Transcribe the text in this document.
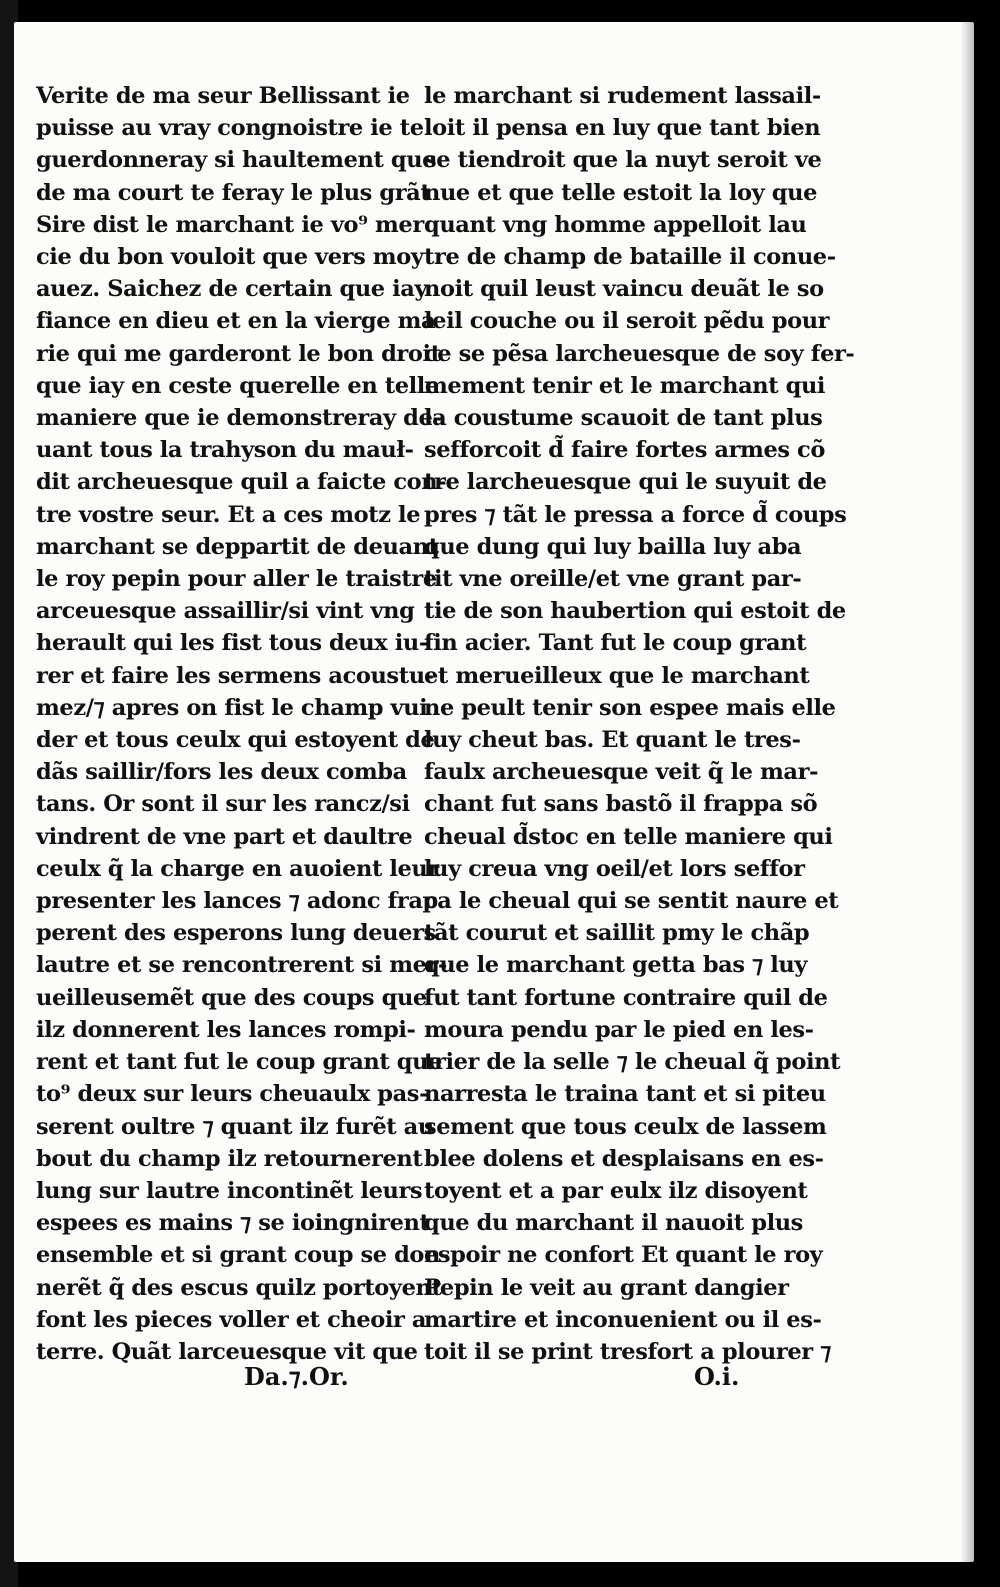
Verite de ma seur Bellissant ie
puisse au vray congnoistre ie te
guerdonneray si haultement que
de ma court te feray le plus grãt
Sire dist le marchant ie vo⁹ mer
cie du bon vouloit que vers moy
auez. Saichez de certain que iay
fiance en dieu et en la vierge ma
rie qui me garderont le bon droit
que iay en ceste querelle en telle
maniere que ie demonstreray de-
uant tous la trahyson du mauł-
dit archeuesque quil a faicte con-
tre vostre seur. Et a ces motz le
marchant se deppartit de deuant
le roy pepin pour aller le traistre
arceuesque assaillir/si vint vng
herault qui les fist tous deux iu-
rer et faire les sermens acoustu-
mez/⁊ apres on fist le champ vui
der et tous ceulx qui estoyent de
dãs saillir/fors les deux comba
tans. Or sont il sur les rancz/si
vindrent de vne part et daultre
ceulx q̃ la charge en auoient leur
presenter les lances ⁊ adonc frap
perent des esperons lung deuers
lautre et se rencontrerent si mer-
ueilleusemẽt que des coups que
ilz donnerent les lances rompi-
rent et tant fut le coup grant que
to⁹ deux sur leurs cheuaulx pas-
serent oultre ⁊ quant ilz furẽt au
bout du champ ilz retournerent
lung sur lautre incontinẽt leurs
espees es mains ⁊ se ioingnirent
ensemble et si grant coup se don-
nerẽt q̃ des escus quilz portoyent
font les pieces voller et cheoir a
terre. Quãt larceuesque vit que
le marchant si rudement lassail-
loit il pensa en luy que tant bien
se tiendroit que la nuyt seroit ve
nue et que telle estoit la loy que
quant vng homme appelloit lau
tre de champ de bataille il conue-
noit quil leust vaincu deuãt le so
leil couche ou il seroit pẽdu pour
ce se pẽsa larcheuesque de soy fer-
mement tenir et le marchant qui
la coustume scauoit de tant plus
sefforcoit d̃ faire fortes armes cõ
tre larcheuesque qui le suyuit de
pres ⁊ tãt le pressa a force d̃ coups
que dung qui luy bailla luy aba
tit vne oreille/et vne grant par-
tie de son haubertion qui estoit de
fin acier. Tant fut le coup grant
et merueilleux que le marchant
ne peult tenir son espee mais elle
luy cheut bas. Et quant le tres-
faulx archeuesque veit q̃ le mar-
chant fut sans bastõ il frappa sõ
cheual d̃stoc en telle maniere qui
luy creua vng oeil/et lors seffor
ca le cheual qui se sentit naure et
tãt courut et saillit pmy le chãp
que le marchant getta bas ⁊ luy
fut tant fortune contraire quil de
moura pendu par le pied en les-
trier de la selle ⁊ le cheual q̃ point
narresta le traina tant et si piteu
sement que tous ceulx de lassem
blee dolens et desplaisans en es-
toyent et a par eulx ilz disoyent
que du marchant il nauoit plus
espoir ne confort Et quant le roy
Pepin le veit au grant dangier
martire et inconuenient ou il es-
toit il se print tresfort a plourer ⁊
Da.⁊.Or.	O.i.
